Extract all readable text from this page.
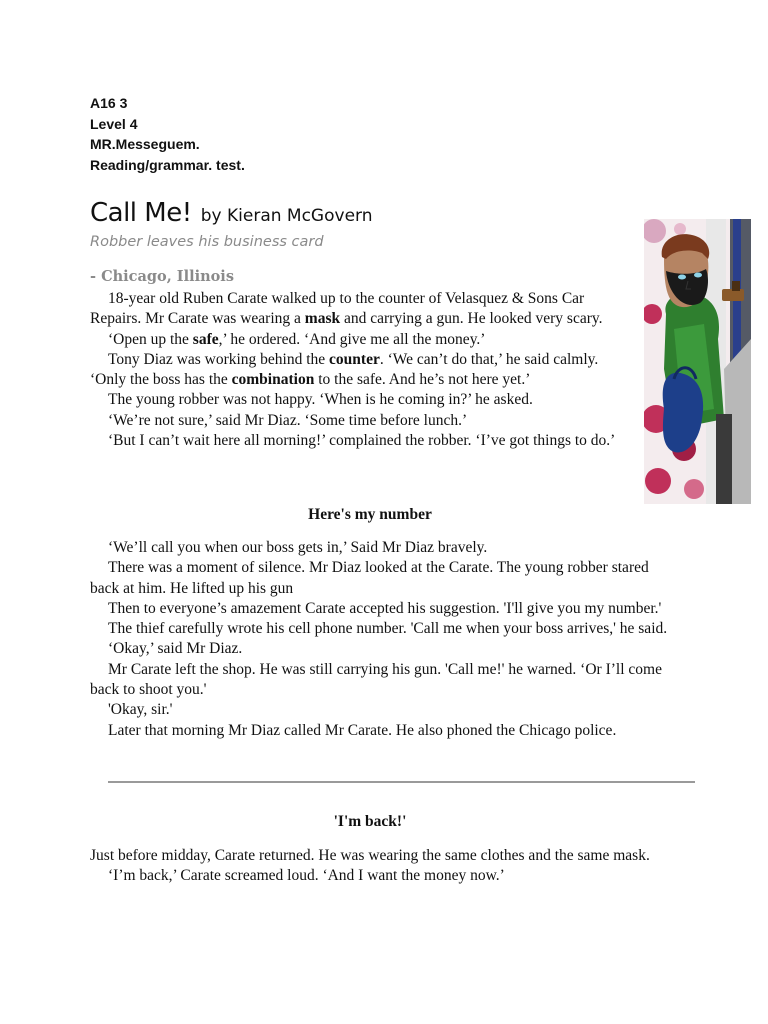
A16 3
Level 4
MR.Messeguem.
Reading/grammar. test.
Call Me! by Kieran McGovern
Robber leaves his business card
- Chicago, Illinois

18-year old Ruben Carate walked up to the counter of Velasquez & Sons Car Repairs. Mr Carate was wearing a mask and carrying a gun. He looked very scary.

‘Open up the safe,’ he ordered. ‘And give me all the money.’

Tony Diaz was working behind the counter. ‘We can’t do that,’ he said calmly. ‘Only the boss has the combination to the safe. And he’s not here yet.’

The young robber was not happy. ‘When is he coming in?’ he asked.

‘We’re not sure,’ said Mr Diaz. ‘Some time before lunch.’

‘But I can’t wait here all morning!’ complained the robber. ‘I’ve got things to do.’

Here's my number

‘We’ll call you when our boss gets in,’ Said Mr Diaz bravely.

There was a moment of silence. Mr Diaz looked at the Carate. The young robber stared back at him. He lifted up his gun

Then to everyone’s amazement Carate accepted his suggestion. 'I'll give you my number.'

The thief carefully wrote his cell phone number. 'Call me when your boss arrives,' he said.

‘Okay,’ said Mr Diaz.

Mr Carate left the shop. He was still carrying his gun. 'Call me!' he warned. ‘Or I’ll come back to shoot you.'

'Okay, sir.'

Later that morning Mr Diaz called Mr Carate. He also phoned the Chicago police.

'I'm back!'

Just before midday, Carate returned. He was wearing the same clothes and the same mask.

‘I’m back,’ Carate screamed loud. ‘And I want the money now.’
